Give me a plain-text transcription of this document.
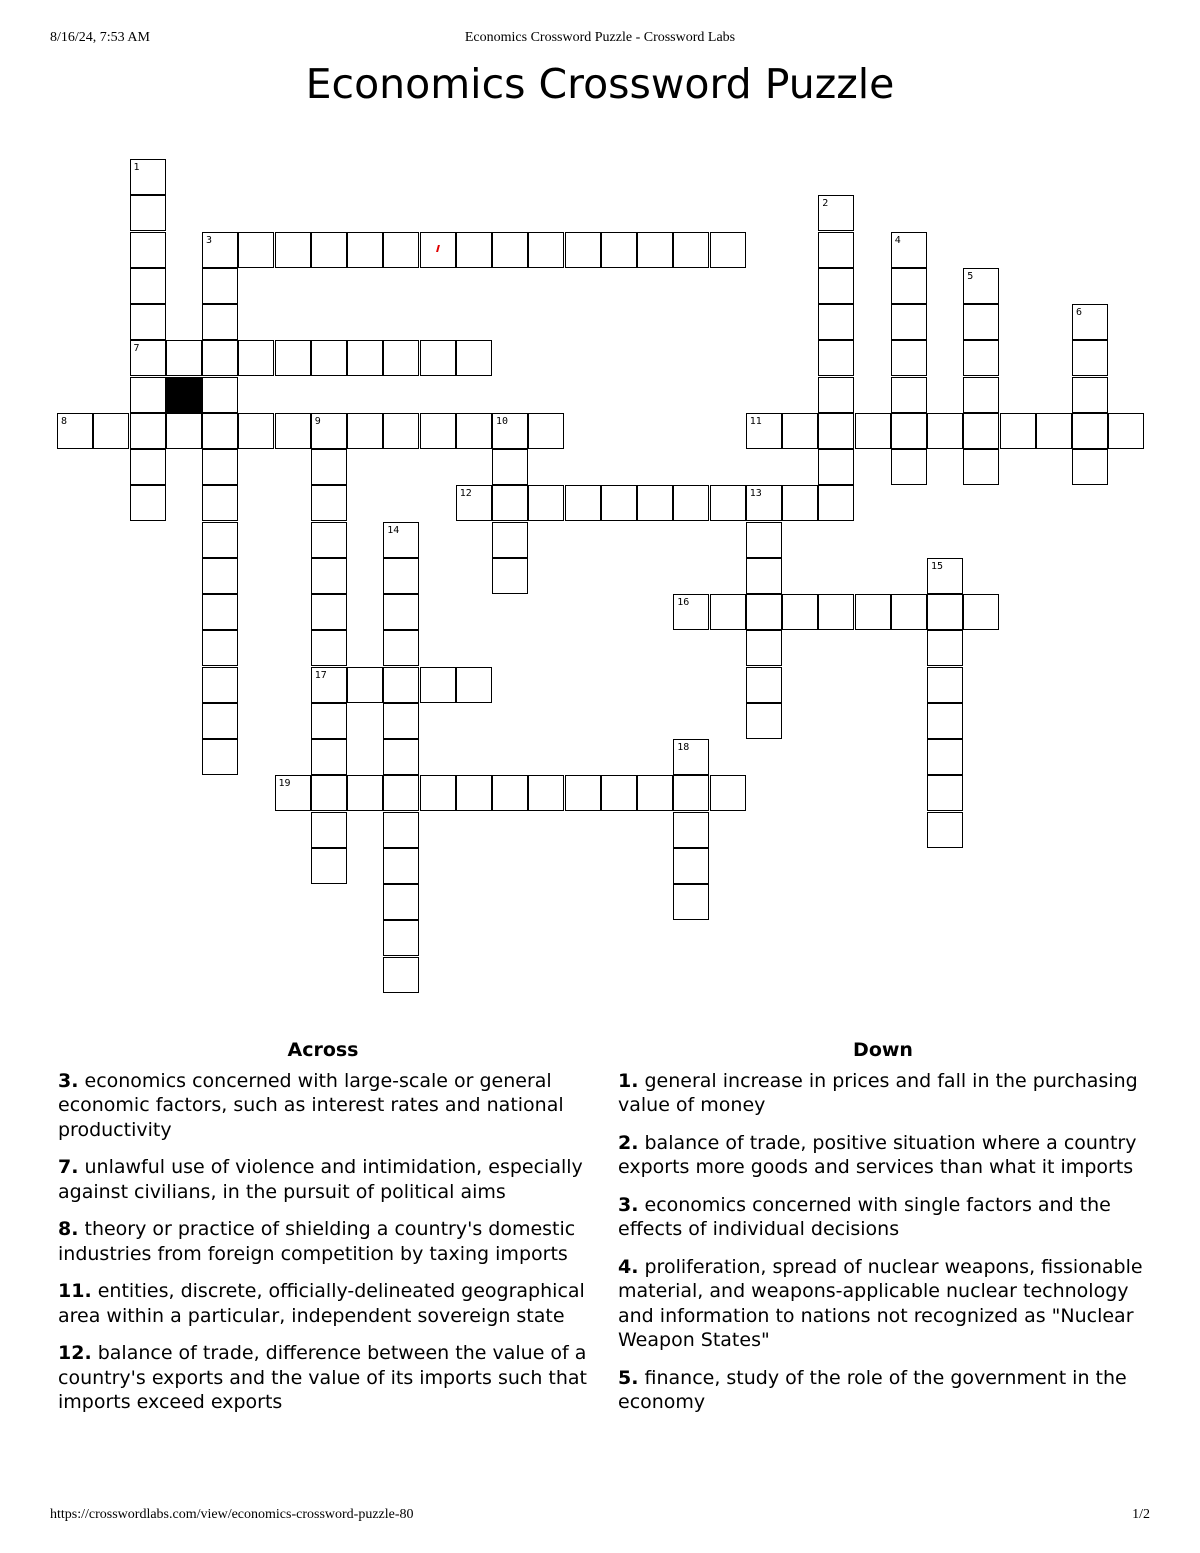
8/16/24, 7:53 AM	Economics Crossword Puzzle - Crossword Labs
Economics Crossword Puzzle
1
7
2
3	4
5
6
8	9	10
17
11
12	13
14
15
16
18
19
Across
3. economics concerned with large-scale or general economic factors, such as interest rates and national productivity
7. unlawful use of violence and intimidation, especially against civilians, in the pursuit of political aims
8. theory or practice of shielding a country's domestic industries from foreign competition by taxing imports
11. entities, discrete, officially-delineated geographical area within a particular, independent sovereign state
12. balance of trade, difference between the value of a country's exports and the value of its imports such that imports exceed exports
Down
1. general increase in prices and fall in the purchasing value of money
2. balance of trade, positive situation where a country exports more goods and services than what it imports
3. economics concerned with single factors and the effects of individual decisions
4. proliferation, spread of nuclear weapons, fissionable material, and weapons-applicable nuclear technology and information to nations not recognized as "Nuclear Weapon States"
5. finance, study of the role of the government in the economy
https://crosswordlabs.com/view/economics-crossword-puzzle-80	1/2
